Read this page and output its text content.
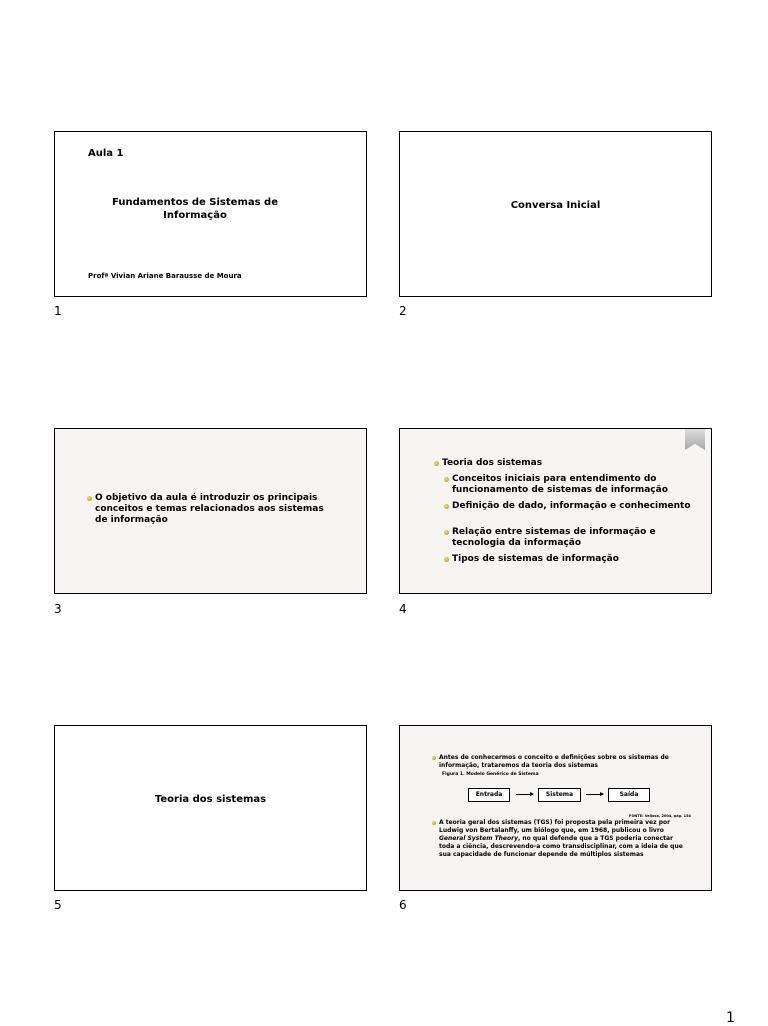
Aula 1
Fundamentos de Sistemas de Informação
Profª Vivian Ariane Barausse de Moura
1
Conversa Inicial
2
O objetivo da aula é introduzir os principais conceitos e temas relacionados aos sistemas de informação
3
Teoria dos sistemas
Conceitos iniciais para entendimento do funcionamento de sistemas de informação
Definição de dado, informação e conhecimento
Relação entre sistemas de informação e tecnologia da informação
Tipos de sistemas de informação
4
Teoria dos sistemas
5
Antes de conhecermos o conceito e definições sobre os sistemas de informação, trataremos da teoria dos sistemas
Figura 1. Modelo Genérico de Sistema
Entrada	Sistema	Saída
FONTE: Velloso, 2004, pág. 154
A teoria geral dos sistemas (TGS) foi proposta pela primeira vez por Ludwig von Bertalanffy, um biólogo que, em 1968, publicou o livro General System Theory, no qual defende que a TGS poderia conectar toda a ciência, descrevendo-a como transdisciplinar, com a ideia de que sua capacidade de funcionar depende de múltiplos sistemas
6
1
